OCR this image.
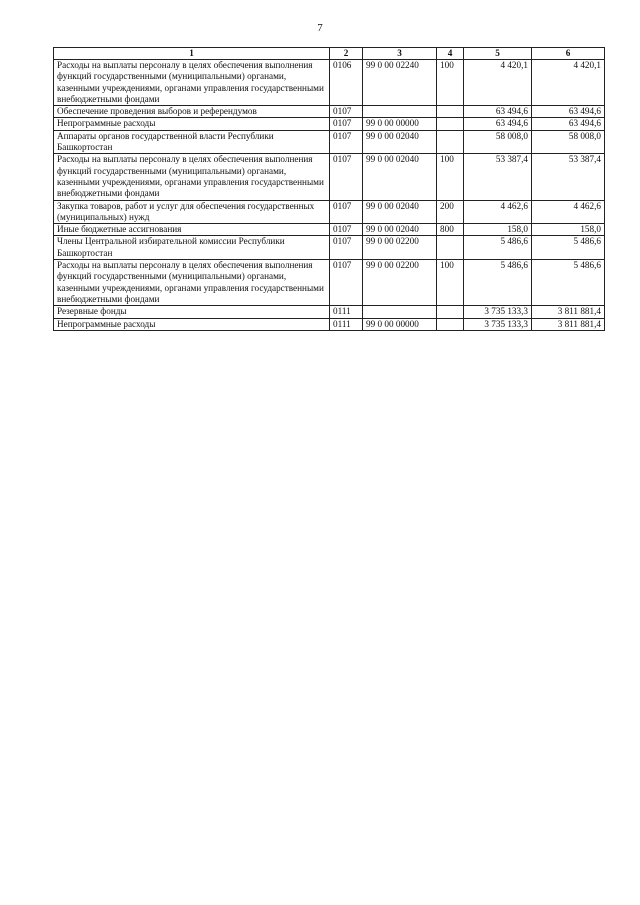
7
1	2	3	4	5	6
Расходы на выплаты персоналу в целях обеспечения выполнения функций государственными (муниципальными) органами, казенными учреждениями, органами управления государственными внебюджетными фондами	0106	99 0 00 02240	100	4 420,1	4 420,1
Обеспечение проведения выборов и референдумов	0107			63 494,6	63 494,6
Непрограммные расходы	0107	99 0 00 00000		63 494,6	63 494,6
Аппараты органов государственной власти Республики Башкортостан	0107	99 0 00 02040		58 008,0	58 008,0
Расходы на выплаты персоналу в целях обеспечения выполнения функций государственными (муниципальными) органами, казенными учреждениями, органами управления государственными внебюджетными фондами	0107	99 0 00 02040	100	53 387,4	53 387,4
Закупка товаров, работ и услуг для обеспечения государственных (муниципальных) нужд	0107	99 0 00 02040	200	4 462,6	4 462,6
Иные бюджетные ассигнования	0107	99 0 00 02040	800	158,0	158,0
Члены Центральной избирательной комиссии Республики Башкортостан	0107	99 0 00 02200		5 486,6	5 486,6
Расходы на выплаты персоналу в целях обеспечения выполнения функций государственными (муниципальными) органами, казенными учреждениями, органами управления государственными внебюджетными фондами	0107	99 0 00 02200	100	5 486,6	5 486,6
Резервные фонды	0111			3 735 133,3	3 811 881,4
Непрограммные расходы	0111	99 0 00 00000		3 735 133,3	3 811 881,4
